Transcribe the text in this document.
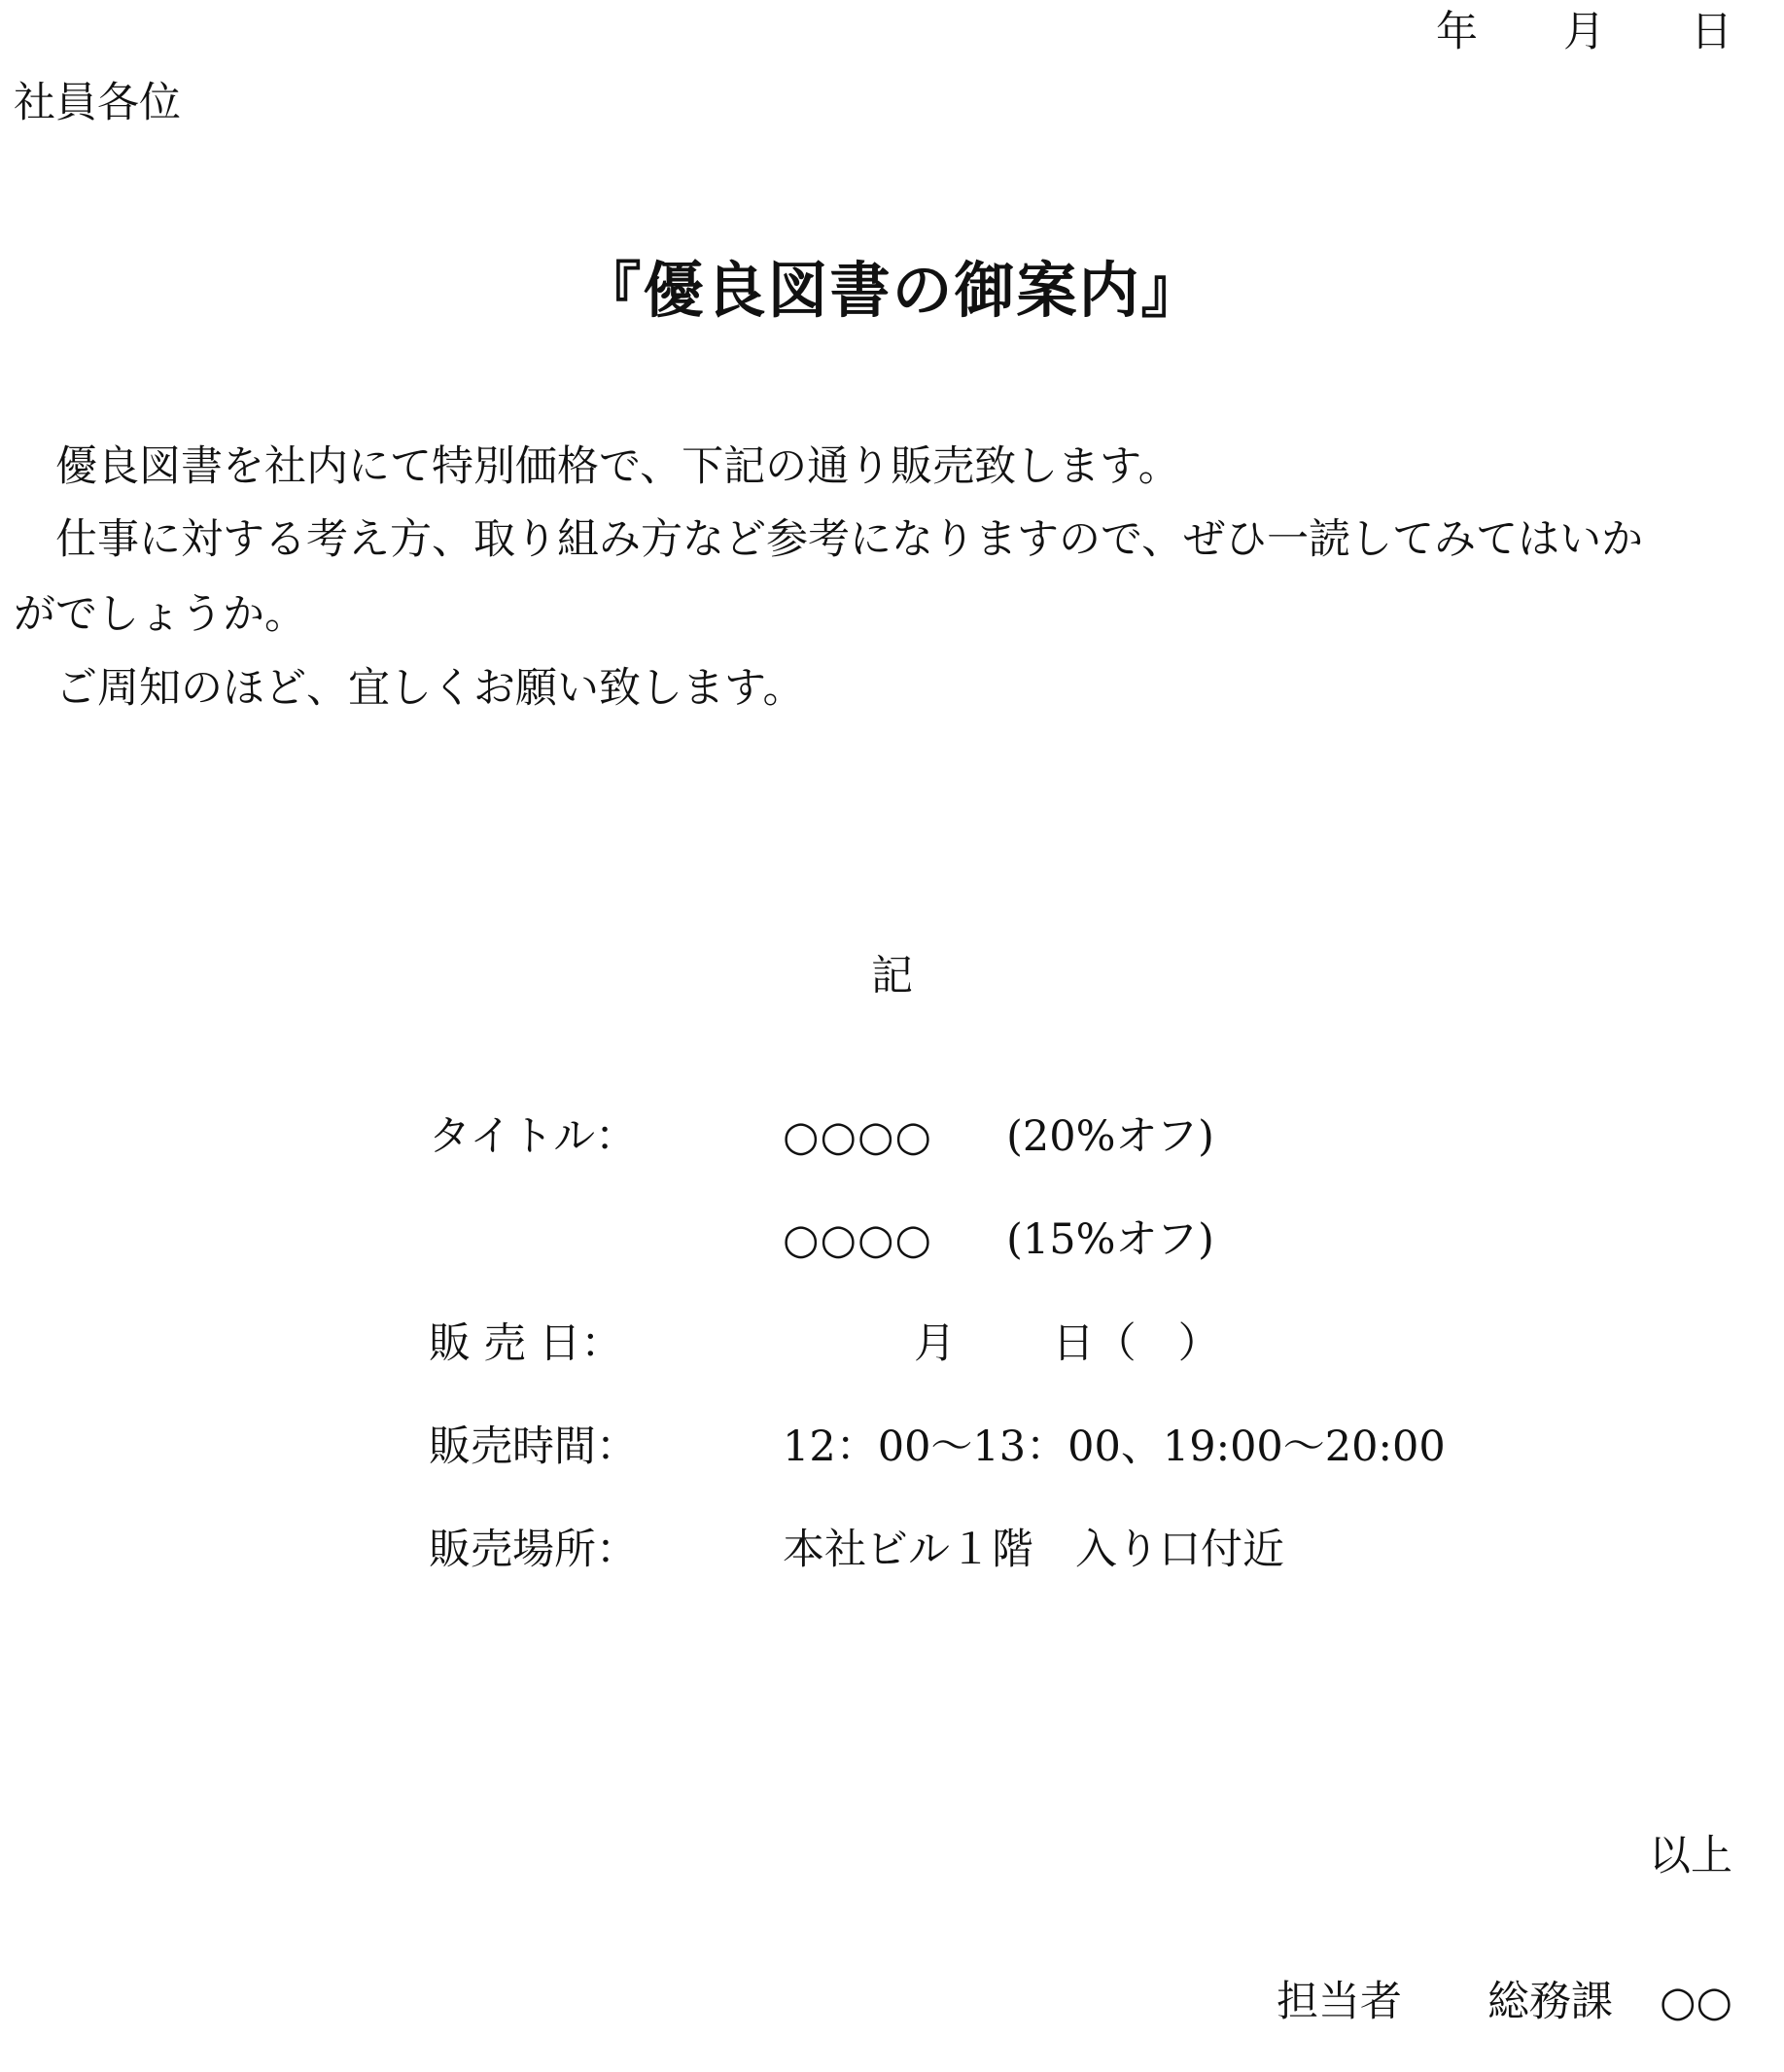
年 月 日

社員各位

『優良図書の御案内』

優良図書を社内にて特別価格で、下記の通り販売致します。

仕事に対する考え方、取り組み方など参考になりますので、ぜひ一読してみてはいか

がでしょうか。

ご周知のほど、宜しくお願い致します。

記

タイトル：	○○○○ (20%オフ)

○○○○ (15%オフ)

販 売 日：	月　　 日（　）

販売時間：	12：00～13：00、19:00～20:00

販売場所：	本社ビル１階　入り口付近

以上

担当者 総務課 ○○
